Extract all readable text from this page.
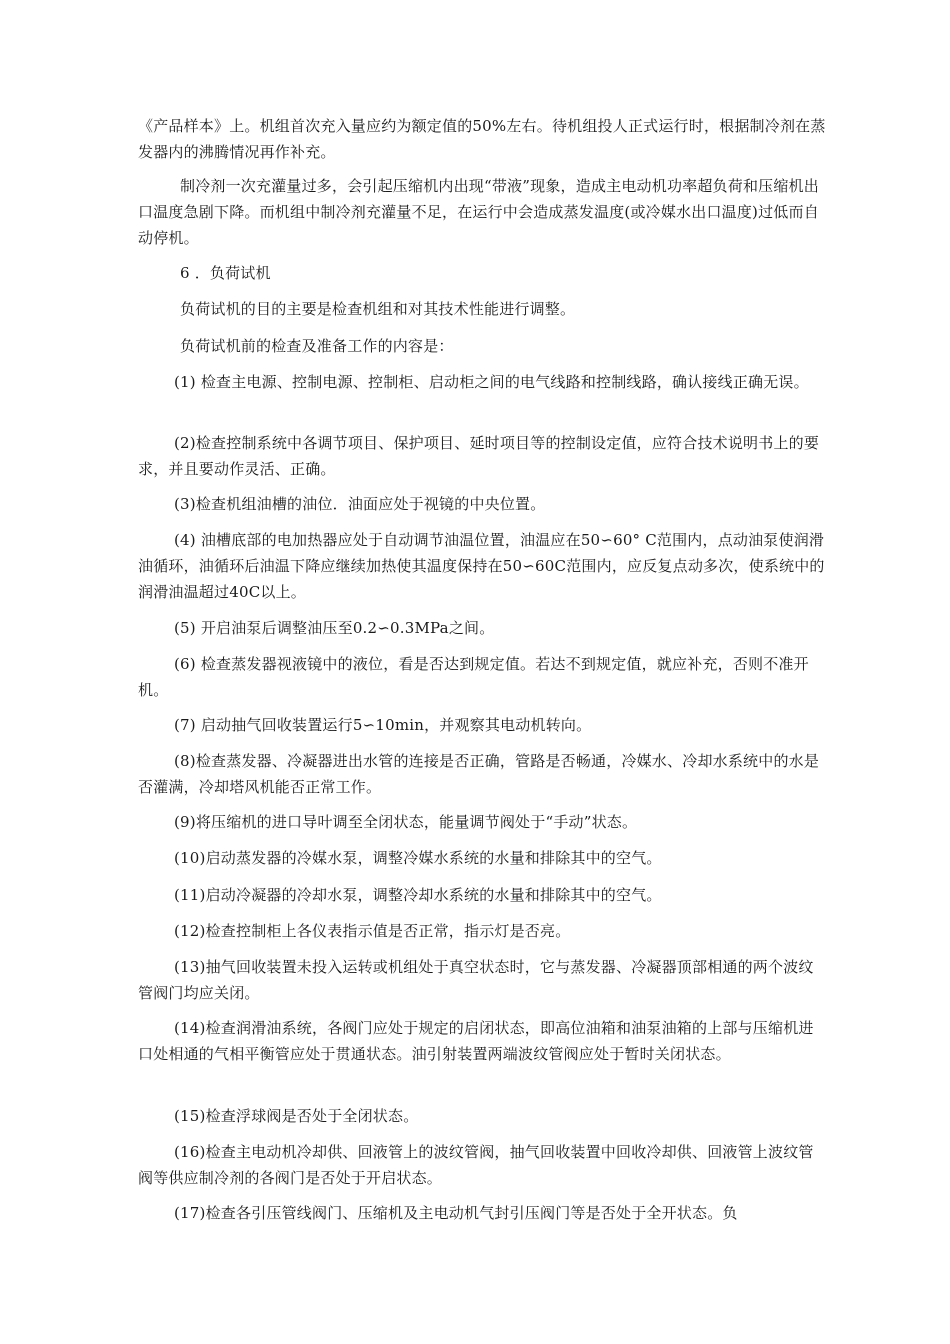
《产品样本》上。机组首次充入量应约为额定值的50%左右。待机组投人正式运行时，根据制冷剂在蒸发器内的沸腾情况再作补充。

制冷剂一次充灌量过多，会引起压缩机内出现“带液”现象，造成主电动机功率超负荷和压缩机出口温度急剧下降。而机组中制冷剂充灌量不足，在运行中会造成蒸发温度(或冷媒水出口温度)过低而自动停机。

6 ．负荷试机

负荷试机的目的主要是检查机组和对其技术性能进行调整。

负荷试机前的检查及准备工作的内容是：

(1) 检查主电源、控制电源、控制柜、启动柜之间的电气线路和控制线路，确认接线正确无误。

(2)检查控制系统中各调节项目、保护项目、延时项目等的控制设定值，应符合技术说明书上的要求，并且要动作灵活、正确。

(3)检查机组油槽的油位．油面应处于视镜的中央位置。

(4) 油槽底部的电加热器应处于自动调节油温位置，油温应在50∽60° C范围内，点动油泵使润滑油循环，油循环后油温下降应继续加热使其温度保持在50∽60C范围内，应反复点动多次，使系统中的润滑油温超过40C以上。

(5) 开启油泵后调整油压至0.2∽0.3MPa之间。

(6) 检查蒸发器视液镜中的液位，看是否达到规定值。若达不到规定值，就应补充，否则不准开机。

(7) 启动抽气回收装置运行5∽10min，并观察其电动机转向。

(8)检查蒸发器、冷凝器进出水管的连接是否正确，管路是否畅通，冷媒水、冷却水系统中的水是否灌满，冷却塔风机能否正常工作。

(9)将压缩机的进口导叶调至全闭状态，能量调节阀处于“手动”状态。

(10)启动蒸发器的冷媒水泵，调整冷媒水系统的水量和排除其中的空气。

(11)启动冷凝器的冷却水泵，调整冷却水系统的水量和排除其中的空气。

(12)检查控制柜上各仪表指示值是否正常，指示灯是否亮。

(13)抽气回收装置未投入运转或机组处于真空状态时，它与蒸发器、冷凝器顶部相通的两个波纹管阀门均应关闭。

(14)检查润滑油系统，各阀门应处于规定的启闭状态，即高位油箱和油泵油箱的上部与压缩机进口处相通的气相平衡管应处于贯通状态。油引射装置两端波纹管阀应处于暂时关闭状态。

(15)检查浮球阀是否处于全闭状态。

(16)检查主电动机冷却供、回液管上的波纹管阀，抽气回收装置中回收冷却供、回液管上波纹管阀等供应制冷剂的各阀门是否处于开启状态。

(17)检查各引压管线阀门、压缩机及主电动机气封引压阀门等是否处于全开状态。负
